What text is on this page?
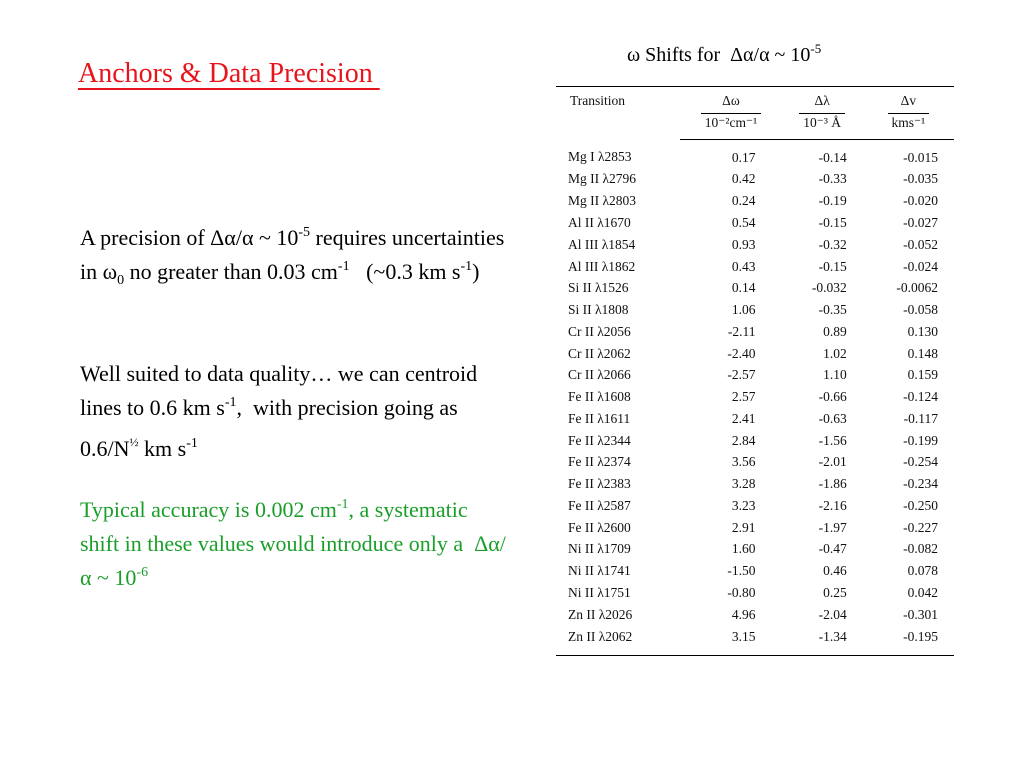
Anchors & Data Precision

A precision of Δα/α ~ $10^{-5}$ requires uncertainties in $\omega_0$ no greater than 0.03 $cm^{-1}$   (~0.3 km $s^{-1}$)

Well suited to data quality… we can centroid lines to 0.6 km $s^{-1}$,  with precision going as $0.6/N^{\frac{1}{2}}$ km $s^{-1}$

Typical accuracy is 0.002 $cm^{-1}$, a systematic shift in these values would introduce only a  Δα/α ~ $10^{-6}$

ω Shifts for  Δα/α ~ $10^{-5}$

Transition	Δω	Δλ	Δv
	10⁻²cm⁻¹	10⁻³ Å	kms⁻¹
Mg I λ2853	0.17	-0.14	-0.015
Mg II λ2796	0.42	-0.33	-0.035
Mg II λ2803	0.24	-0.19	-0.020
Al II λ1670	0.54	-0.15	-0.027
Al III λ1854	0.93	-0.32	-0.052
Al III λ1862	0.43	-0.15	-0.024
Si II λ1526	0.14	-0.032	-0.0062
Si II λ1808	1.06	-0.35	-0.058
Cr II λ2056	-2.11	0.89	0.130
Cr II λ2062	-2.40	1.02	0.148
Cr II λ2066	-2.57	1.10	0.159
Fe II λ1608	2.57	-0.66	-0.124
Fe II λ1611	2.41	-0.63	-0.117
Fe II λ2344	2.84	-1.56	-0.199
Fe II λ2374	3.56	-2.01	-0.254
Fe II λ2383	3.28	-1.86	-0.234
Fe II λ2587	3.23	-2.16	-0.250
Fe II λ2600	2.91	-1.97	-0.227
Ni II λ1709	1.60	-0.47	-0.082
Ni II λ1741	-1.50	0.46	0.078
Ni II λ1751	-0.80	0.25	0.042
Zn II λ2026	4.96	-2.04	-0.301
Zn II λ2062	3.15	-1.34	-0.195
